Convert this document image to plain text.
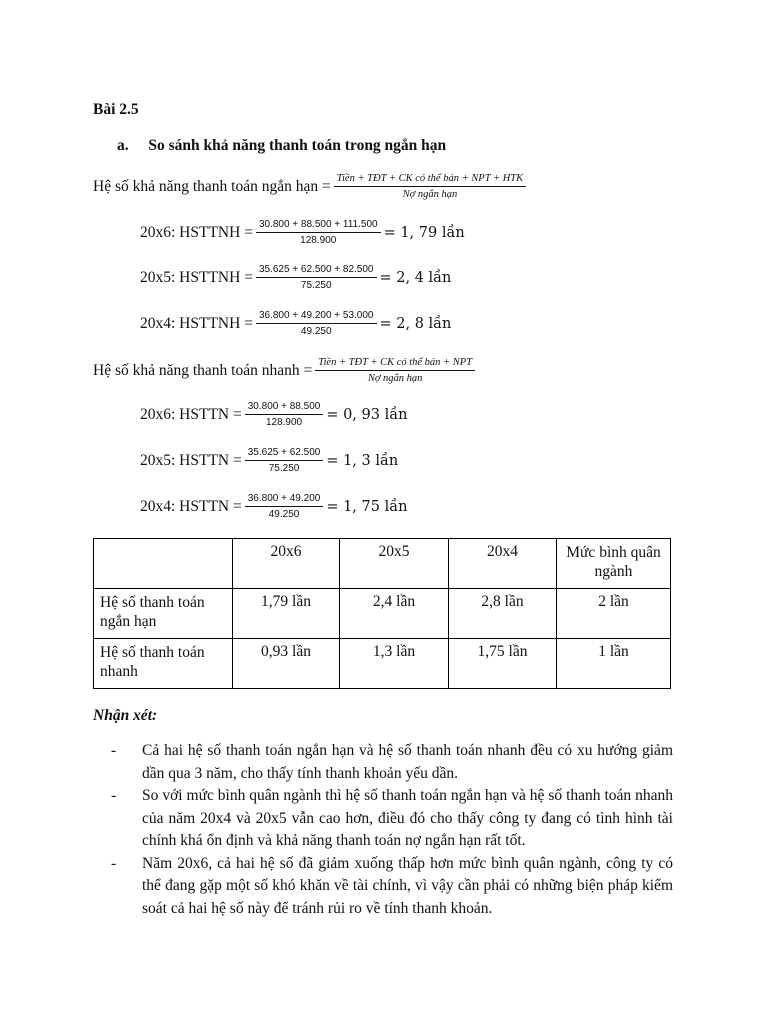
Bài 2.5
a. So sánh khả năng thanh toán trong ngắn hạn
Hệ số khả năng thanh toán ngắn hạn = $\frac{\text{Tiền + TĐT + CK có thể bán + NPT + HTK}}{\text{Nợ ngắn hạn}}$
20x6: HSTTNH = $\frac{30.800 + 88.500 + 111.500}{128.900} = 1$, 79 lần
20x5: HSTTNH = $\frac{35.625 + 62.500 + 82.500}{75.250} = 2$, 4 lần
20x4: HSTTNH = $\frac{36.800 + 49.200 + 53.000}{49.250} = 2$, 8 lần
Hệ số khả năng thanh toán nhanh = $\frac{\text{Tiền + TĐT + CK có thể bán + NPT}}{\text{Nợ ngắn hạn}}$
20x6: HSTTN = $\frac{30.800 + 88.500}{128.900} = 0$, 93 lần
20x5: HSTTN = $\frac{35.625 + 62.500}{75.250} = 1$, 3 lần
20x4: HSTTN = $\frac{36.800 + 49.200}{49.250} = 1$, 75 lần
	20x6	20x5	20x4	Mức bình quân ngành
Hệ số thanh toán ngắn hạn	1,79 lần	2,4 lần	2,8 lần	2 lần
Hệ số thanh toán nhanh	0,93 lần	1,3 lần	1,75 lần	1 lần
Nhận xét:
-	Cả hai hệ số thanh toán ngắn hạn và hệ số thanh toán nhanh đều có xu hướng giảm dần qua 3 năm, cho thấy tính thanh khoản yếu dần.
-	So với mức bình quân ngành thì hệ số thanh toán ngắn hạn và hệ số thanh toán nhanh của năm 20x4 và 20x5 vẫn cao hơn, điều đó cho thấy công ty đang có tình hình tài chính khá ổn định và khả năng thanh toán nợ ngắn hạn rất tốt.
-	Năm 20x6, cả hai hệ số đã giảm xuống thấp hơn mức bình quân ngành, công ty có thể đang gặp một số khó khăn về tài chính, vì vậy cần phải có những biện pháp kiểm soát cả hai hệ số này để tránh rủi ro về tính thanh khoản.
